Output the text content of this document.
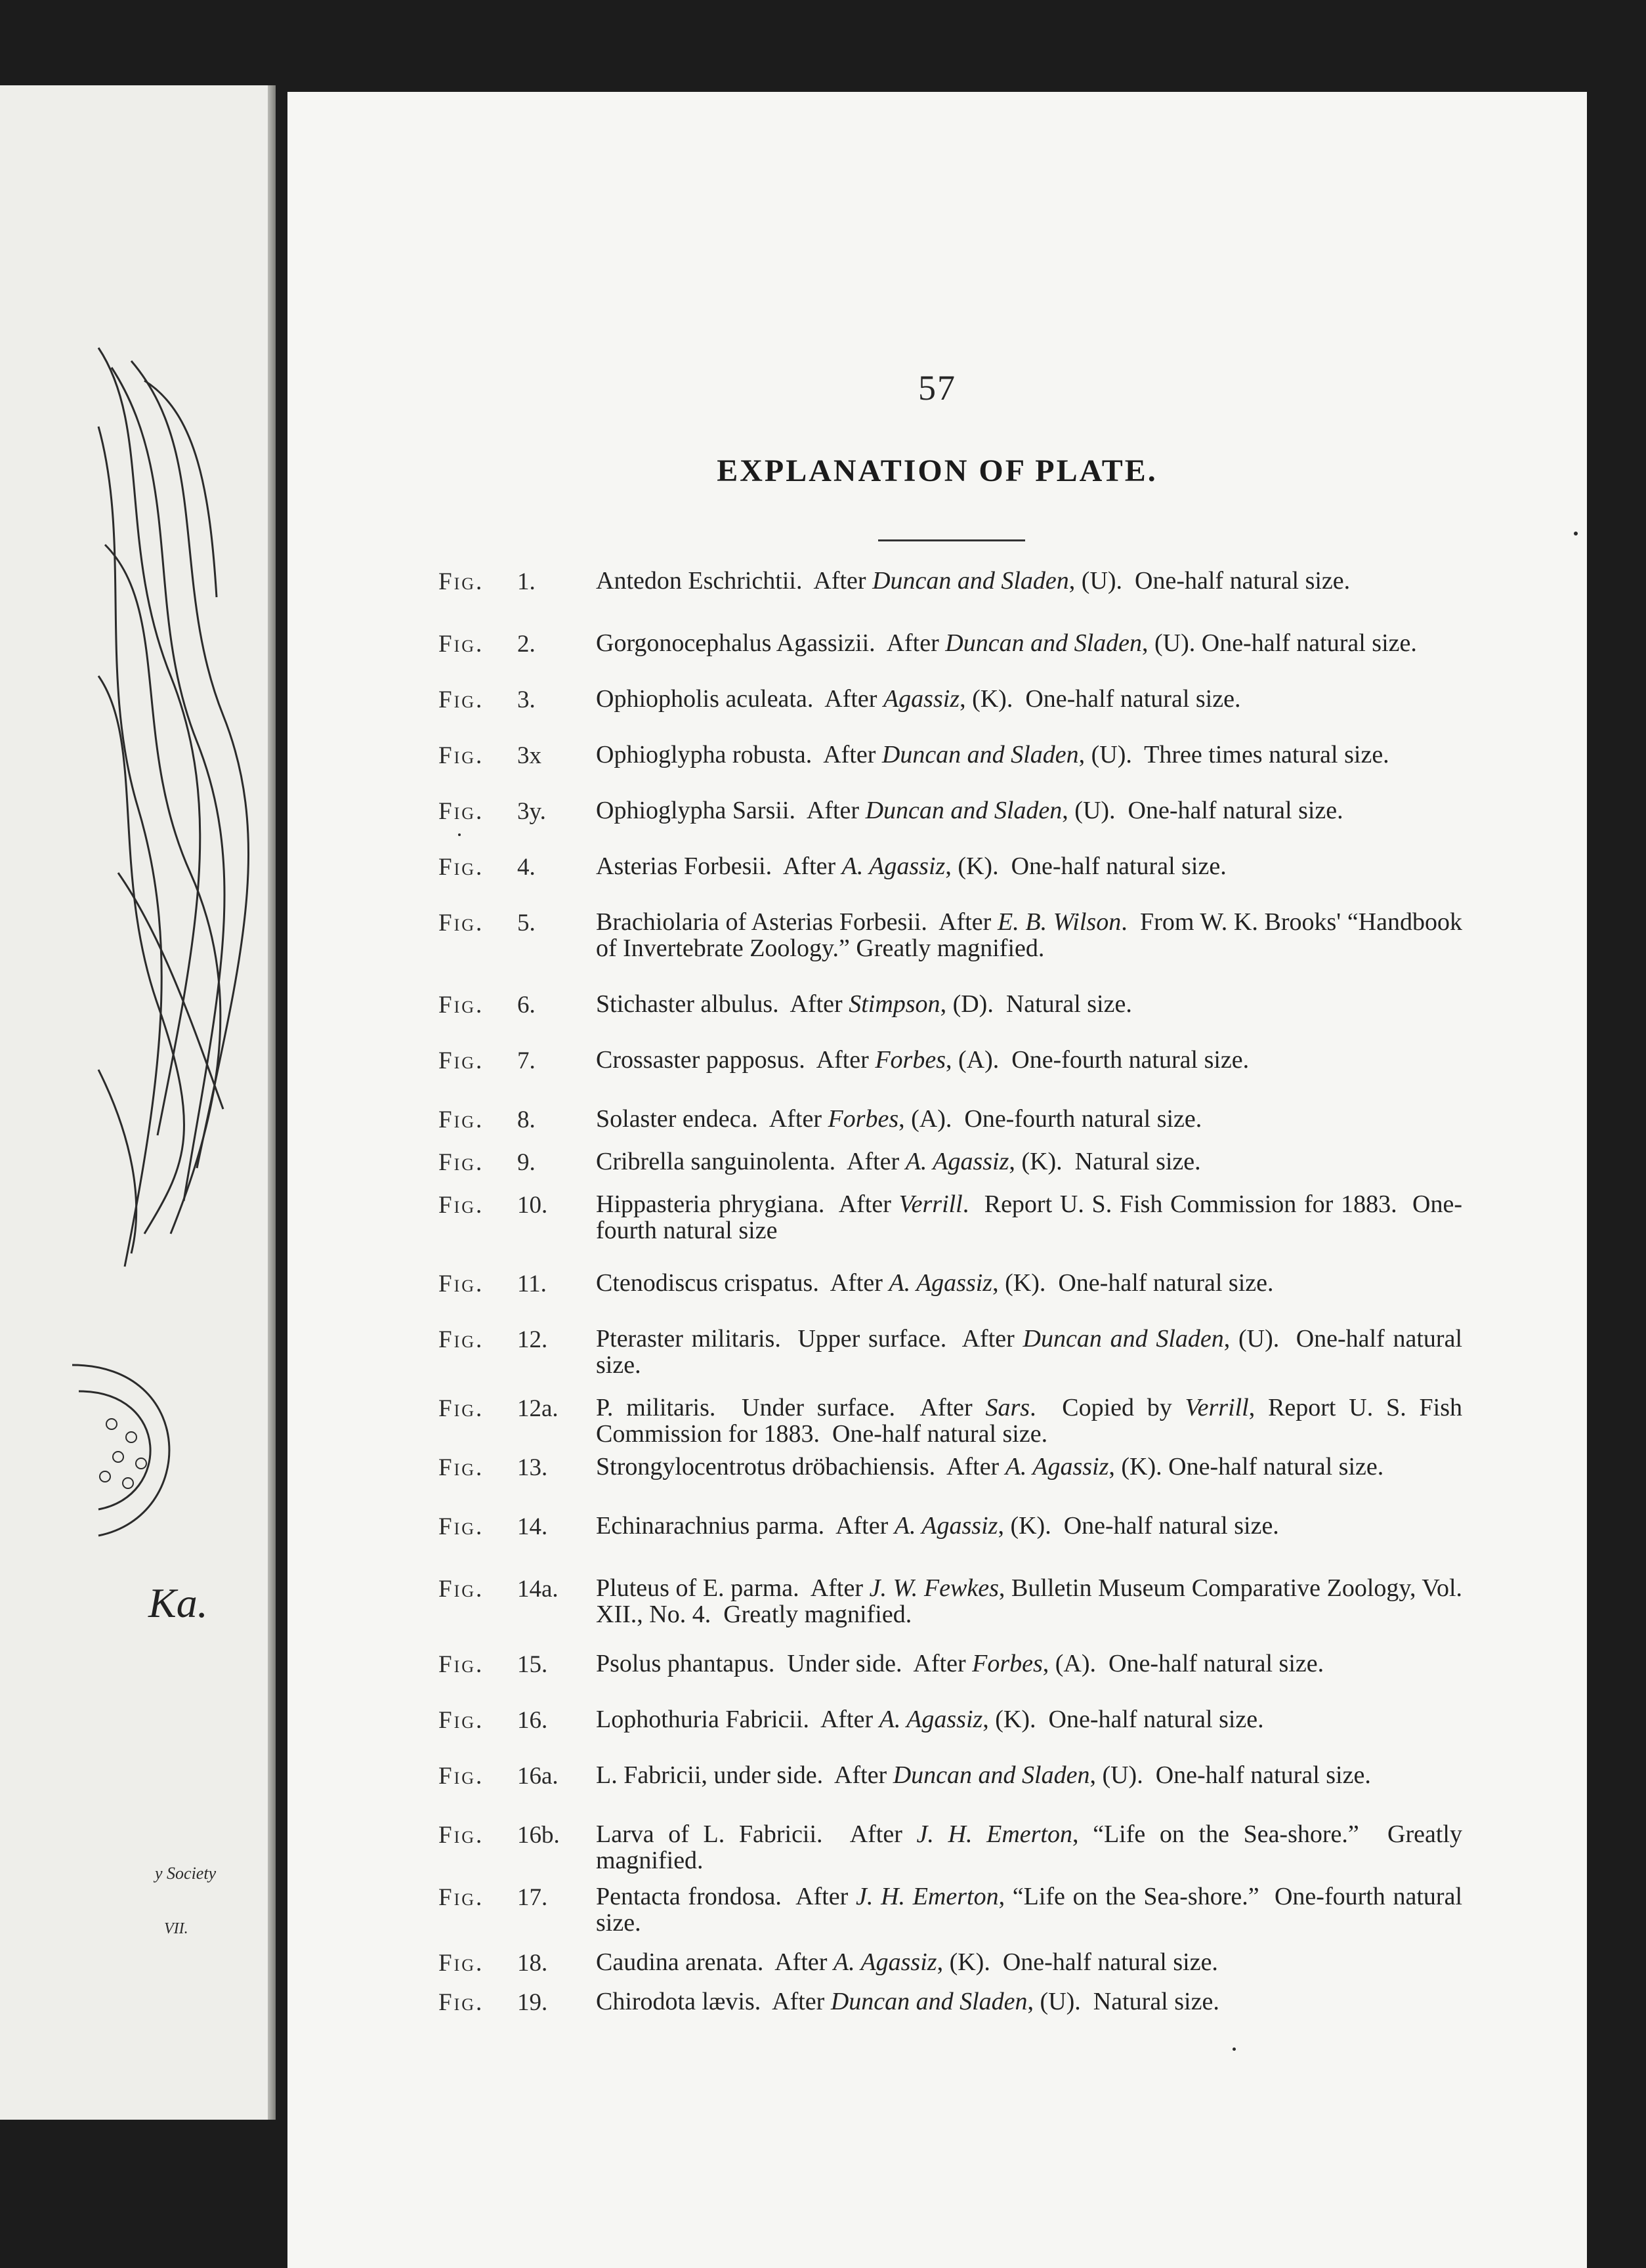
Ka.
y Society
VII.
57
EXPLANATION OF PLATE.
Fig. 1. Antedon Eschrichtii.  After Duncan and Sladen, (U).  One-half natural size.
Fig. 2. Gorgonocephalus Agassizii.  After Duncan and Sladen, (U). One-half natural size.
Fig. 3. Ophiopholis aculeata.  After Agassiz, (K).  One-half natural size.
Fig. 3x Ophioglypha robusta.  After Duncan and Sladen, (U).  Three times natural size.
Fig. 3y. Ophioglypha Sarsii.  After Duncan and Sladen, (U).  One-half natural size.
Fig. 4. Asterias Forbesii.  After A. Agassiz, (K).  One-half natural size.
Fig. 5. Brachiolaria of Asterias Forbesii.  After E. B. Wilson.  From W. K. Brooks' “Handbook of Invertebrate Zoology.” Greatly magnified.
Fig. 6. Stichaster albulus.  After Stimpson, (D).  Natural size.
Fig. 7. Crossaster papposus.  After Forbes, (A).  One-fourth natural size.
Fig. 8. Solaster endeca.  After Forbes, (A).  One-fourth natural size.
Fig. 9. Cribrella sanguinolenta.  After A. Agassiz, (K).  Natural size.
Fig. 10. Hippasteria phrygiana.  After Verrill.  Report U. S. Fish Commission for 1883.  One-fourth natural size
Fig. 11. Ctenodiscus crispatus.  After A. Agassiz, (K).  One-half natural size.
Fig. 12. Pteraster militaris.  Upper surface.  After Duncan and Sladen, (U).  One-half natural size.
Fig. 12a. P. militaris.  Under surface.  After Sars.  Copied by Verrill, Report U. S. Fish Commission for 1883.  One-half natural size.
Fig. 13. Strongylocentrotus dröbachiensis.  After A. Agassiz, (K). One-half natural size.
Fig. 14. Echinarachnius parma.  After A. Agassiz, (K).  One-half natural size.
Fig. 14a. Pluteus of E. parma.  After J. W. Fewkes, Bulletin Museum Comparative Zoology, Vol. XII., No. 4.  Greatly magnified.
Fig. 15. Psolus phantapus.  Under side.  After Forbes, (A).  One-half natural size.
Fig. 16. Lophothuria Fabricii.  After A. Agassiz, (K).  One-half natural size.
Fig. 16a. L. Fabricii, under side.  After Duncan and Sladen, (U).  One-half natural size.
Fig. 16b. Larva of L. Fabricii.  After J. H. Emerton, “Life on the Sea-shore.”  Greatly magnified.
Fig. 17. Pentacta frondosa.  After J. H. Emerton, “Life on the Sea-shore.”  One-fourth natural size.
Fig. 18. Caudina arenata.  After A. Agassiz, (K).  One-half natural size.
Fig. 19. Chirodota lævis.  After Duncan and Sladen, (U).  Natural size.
